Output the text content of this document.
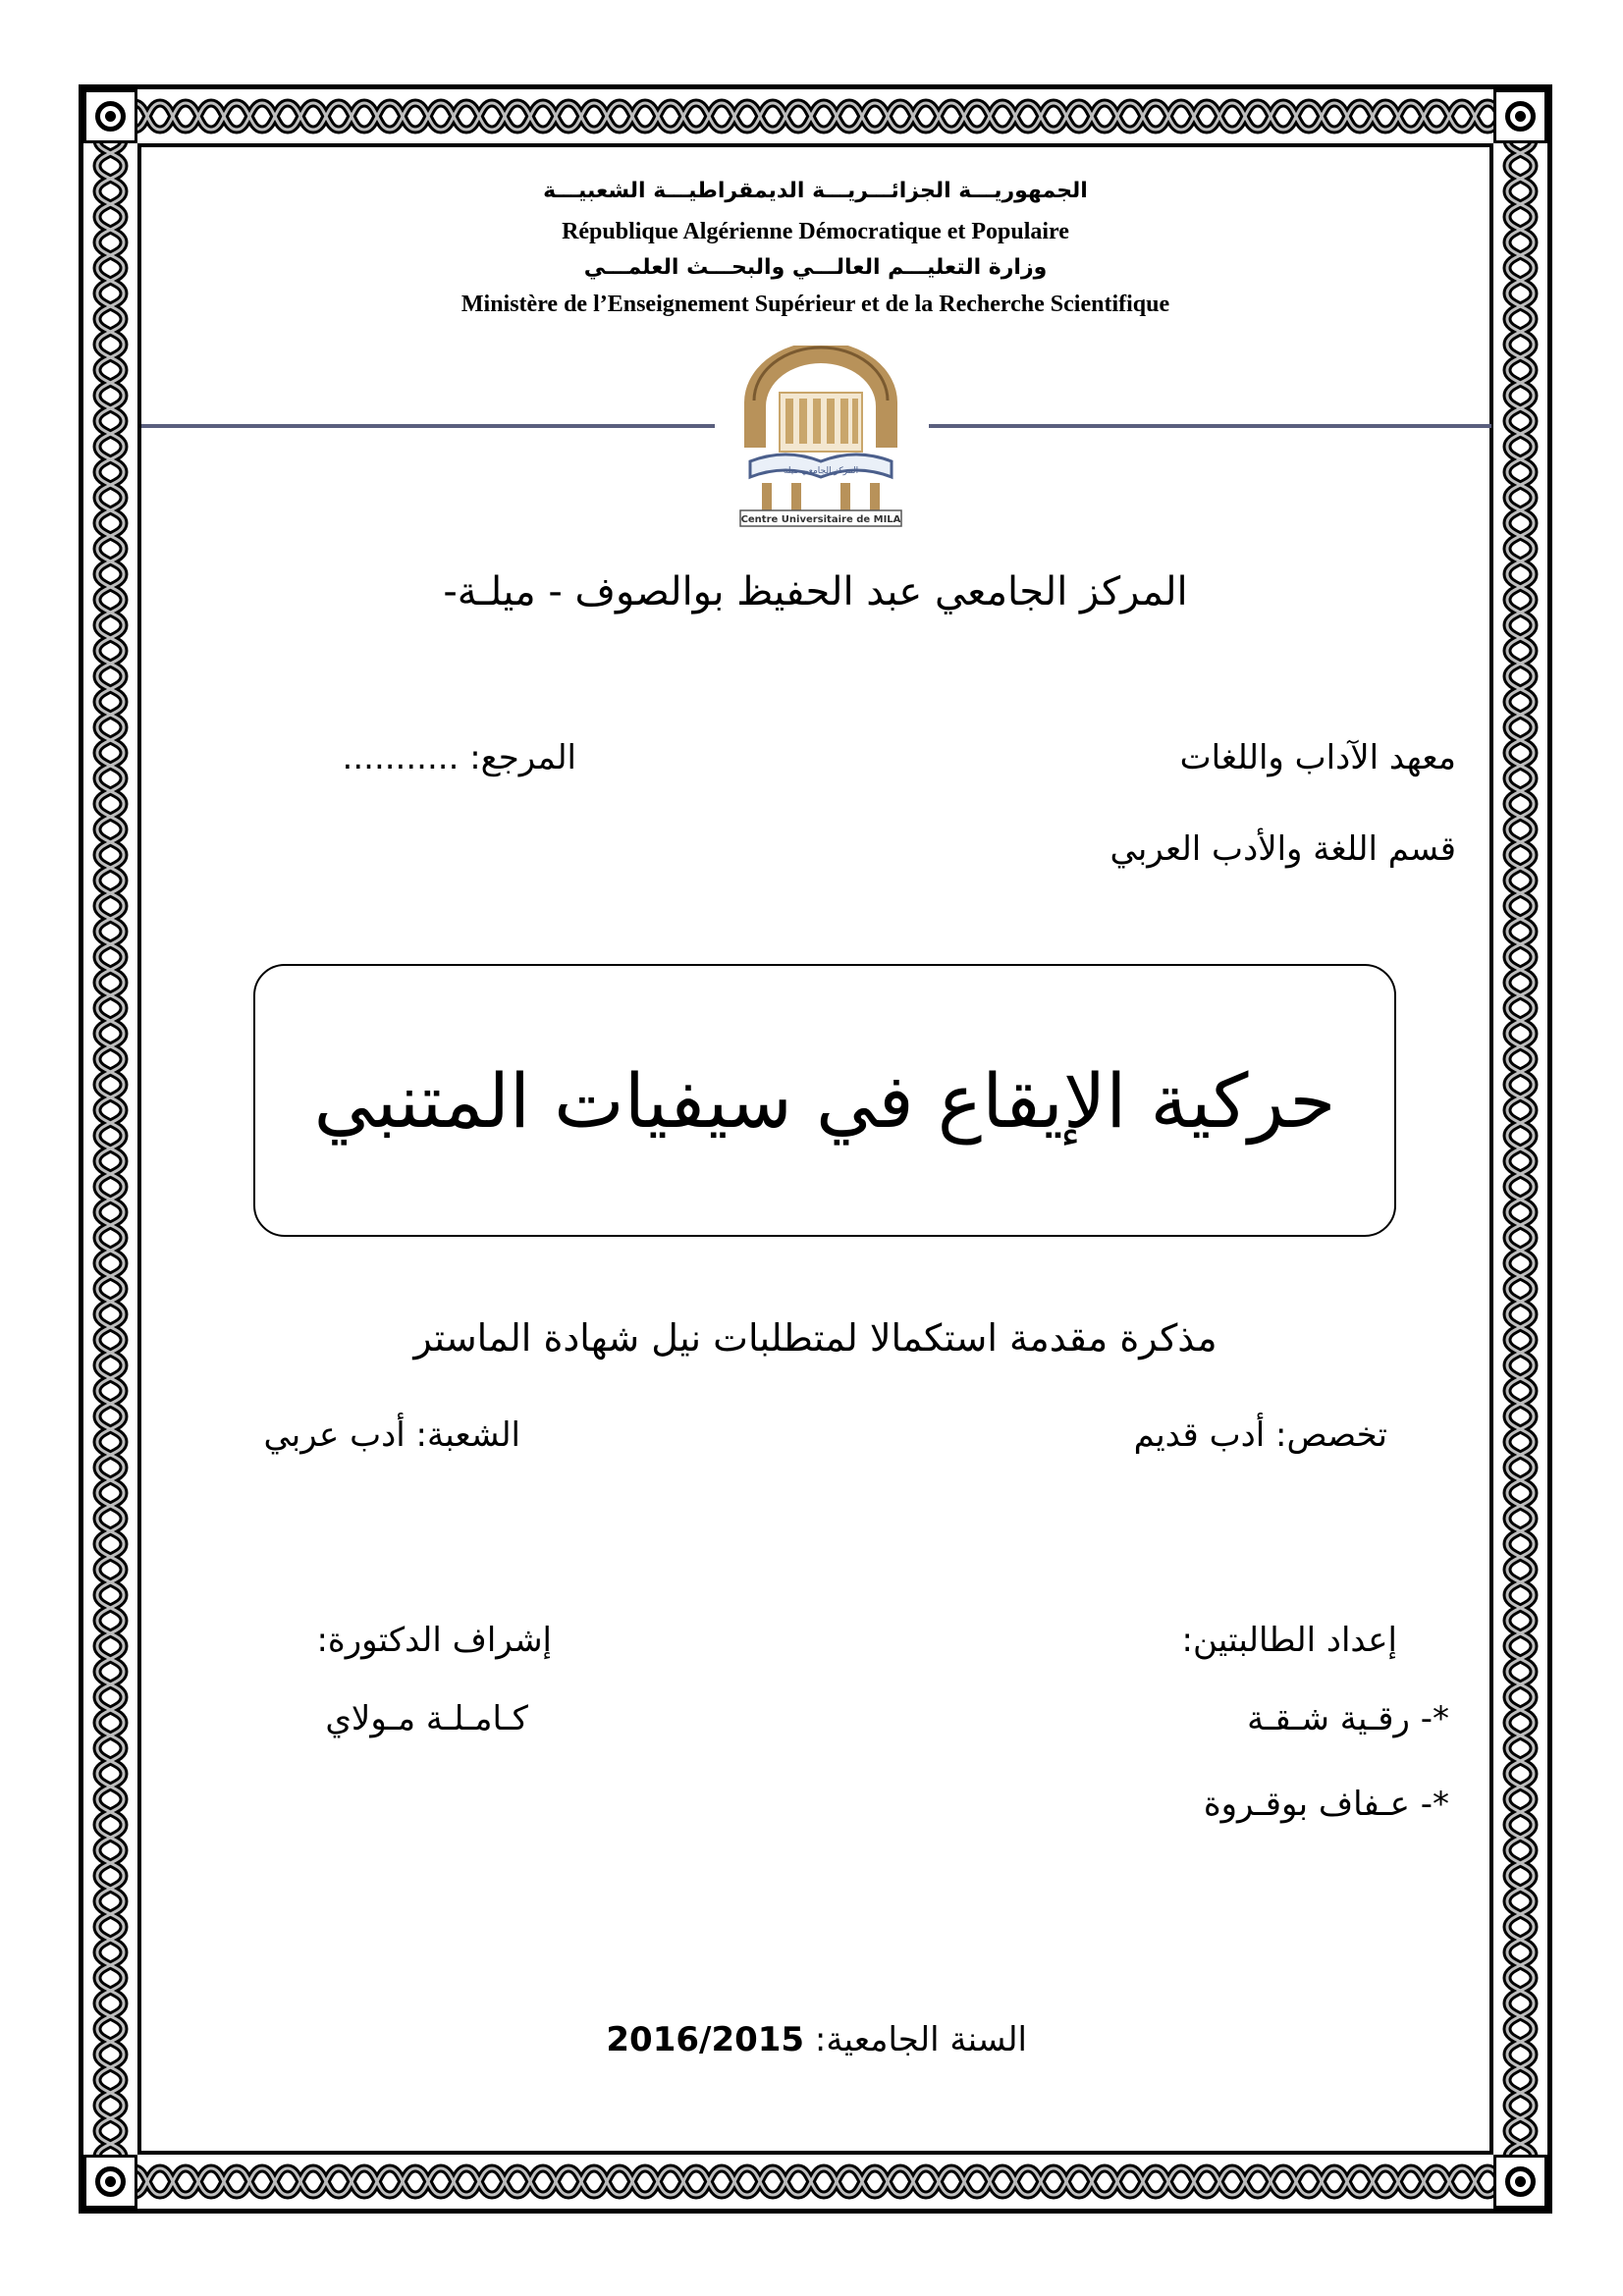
الجمهوريـــة الجزائـــريـــة الديمقراطيـــة الشعبيـــة
République Algérienne Démocratique et Populaire
وزارة التعليـــم العالـــي والبحـــث العلمـــي
Ministère de l’Enseignement Supérieur et de la Recherche Scientifique
المركز الجامعي ميلة
Centre Universitaire de MILA
المركز الجامعي عبد الحفيظ بوالصوف - ميلـة-
معهد الآداب واللغات
المرجع: ...........
قسم اللغة والأدب العربي
حركية الإيقاع في سيفيات المتنبي
مذكرة مقدمة استكمالا لمتطلبات نيل شهادة الماستر
تخصص: أدب قديم
الشعبة: أدب عربي
إعداد الطالبتين:
إشراف الدكتورة:
*- رقـية شـقـة
كـامـلـة مـولاي
*- عـفاف بوقـروة
السنة الجامعية: 2016/2015
